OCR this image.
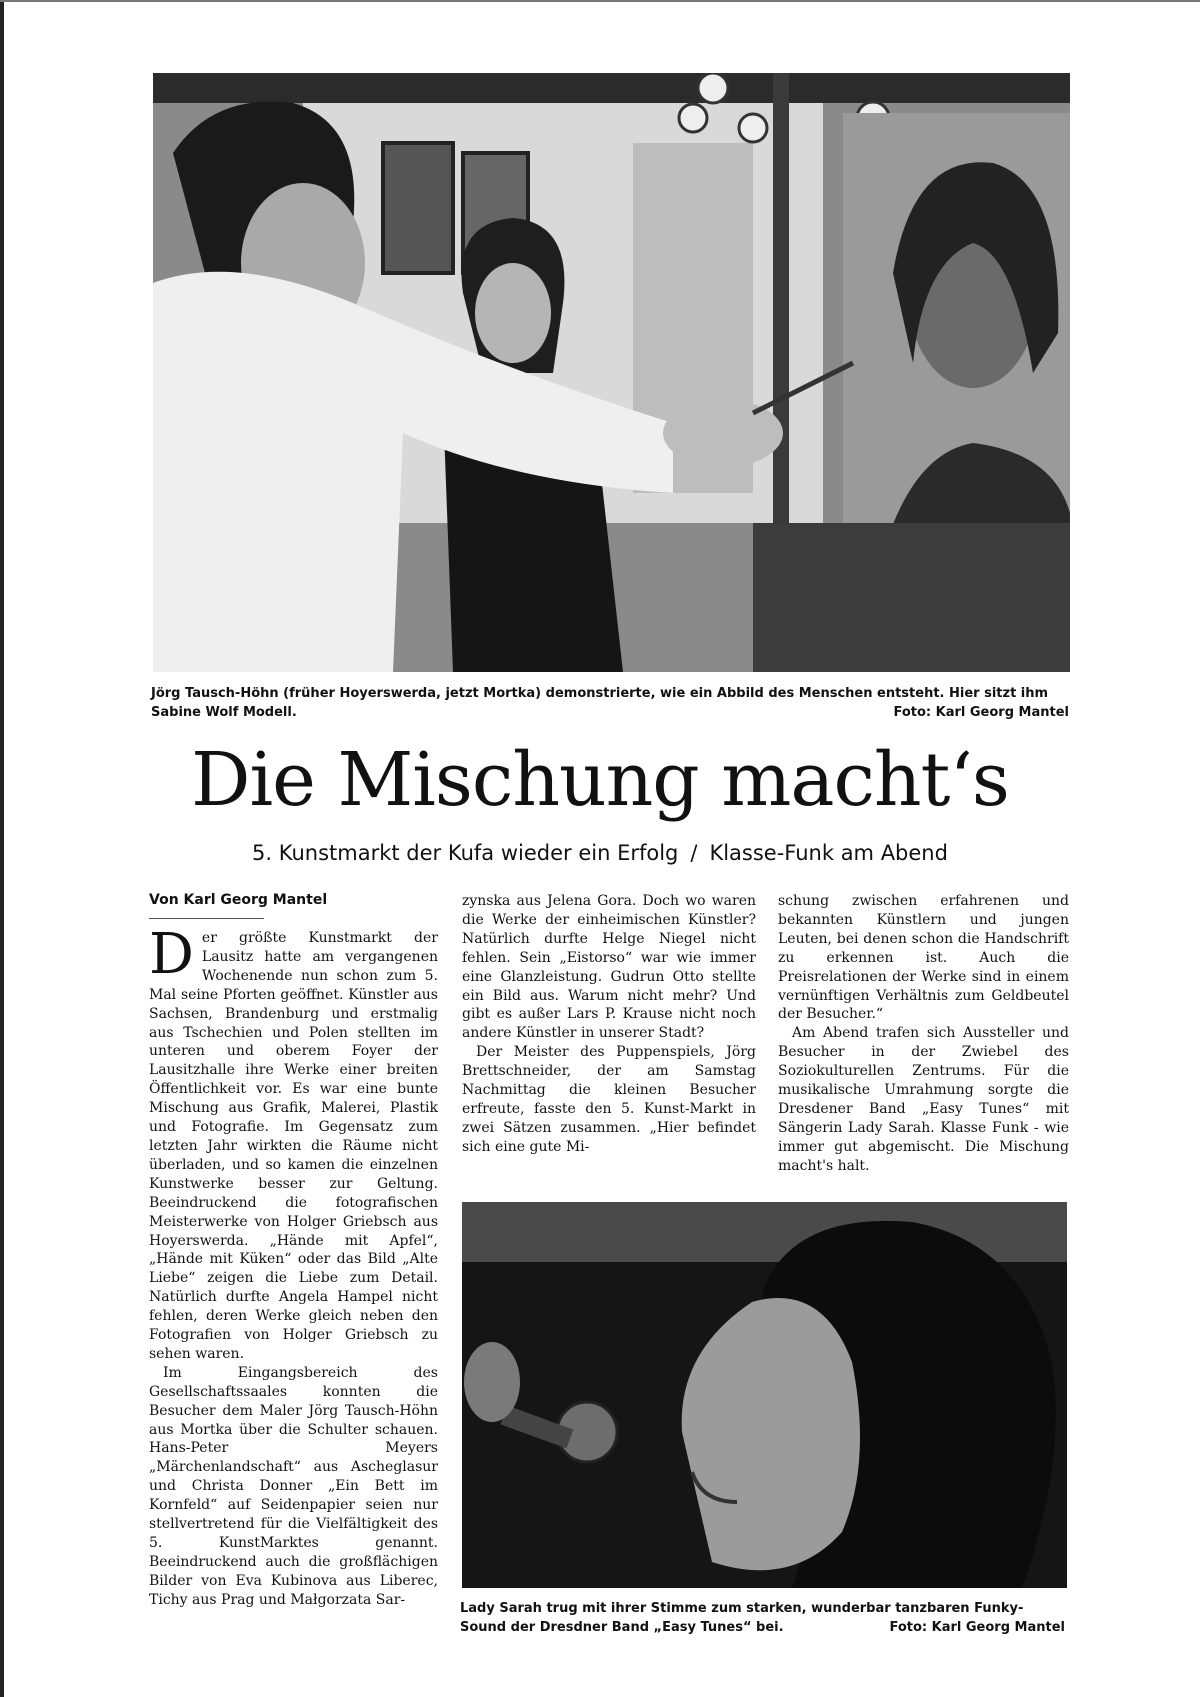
Jörg Tausch-Höhn (früher Hoyerswerda, jetzt Mortka) demonstrierte, wie ein Abbild des Menschen entsteht. Hier sitzt ihm Sabine Wolf Modell.	Foto: Karl Georg Mantel
Die Mischung macht‘s
5. Kunstmarkt der Kufa wieder ein Erfolg / Klasse-Funk am Abend
Von Karl Georg Mantel

Der größte Kunstmarkt der Lausitz hatte am vergangenen Wochenende nun schon zum 5. Mal seine Pforten geöffnet. Künstler aus Sachsen, Brandenburg und erstmalig aus Tschechien und Polen stellten im unteren und oberem Foyer der Lausitzhalle ihre Werke einer breiten Öffentlichkeit vor. Es war eine bunte Mischung aus Grafik, Malerei, Plastik und Fotografie. Im Gegensatz zum letzten Jahr wirkten die Räume nicht überladen, und so kamen die einzelnen Kunstwerke besser zur Geltung. Beeindruckend die fotografischen Meisterwerke von Holger Griebsch aus Hoyerswerda. „Hände mit Apfel“, „Hände mit Küken“ oder das Bild „Alte Liebe“ zeigen die Liebe zum Detail. Natürlich durfte Angela Hampel nicht fehlen, deren Werke gleich neben den Fotografien von Holger Griebsch zu sehen waren.

Im Eingangsbereich des Gesellschaftssaales konnten die Besucher dem Maler Jörg Tausch-Höhn aus Mortka über die Schulter schauen. Hans-Peter Meyers „Märchenlandschaft“ aus Ascheglasur und Christa Donner „Ein Bett im Kornfeld“ auf Seidenpapier seien nur stellvertretend für die Vielfältigkeit des 5. KunstMarktes genannt. Beeindruckend auch die großflächigen Bilder von Eva Kubinova aus Liberec, Tichy aus Prag und Małgorzata Sar-

zynska aus Jelena Gora. Doch wo waren die Werke der einheimischen Künstler? Natürlich durfte Helge Niegel nicht fehlen. Sein „Eistorso“ war wie immer eine Glanzleistung. Gudrun Otto stellte ein Bild aus. Warum nicht mehr? Und gibt es außer Lars P. Krause nicht noch andere Künstler in unserer Stadt?

Der Meister des Puppenspiels, Jörg Brettschneider, der am Samstag Nachmittag die kleinen Besucher erfreute, fasste den 5. Kunst-Markt in zwei Sätzen zusammen. „Hier befindet sich eine gute Mi-

schung zwischen erfahrenen und bekannten Künstlern und jungen Leuten, bei denen schon die Handschrift zu erkennen ist. Auch die Preisrelationen der Werke sind in einem vernünftigen Verhältnis zum Geldbeutel der Besucher.“

Am Abend trafen sich Aussteller und Besucher in der Zwiebel des Soziokulturellen Zentrums. Für die musikalische Umrahmung sorgte die Dresdener Band „Easy Tunes“ mit Sängerin Lady Sarah. Klasse Funk - wie immer gut abgemischt. Die Mischung macht's halt.

Lady Sarah trug mit ihrer Stimme zum starken, wunderbar tanzbaren Funky-Sound der Dresdner Band „Easy Tunes“ bei.	Foto: Karl Georg Mantel
